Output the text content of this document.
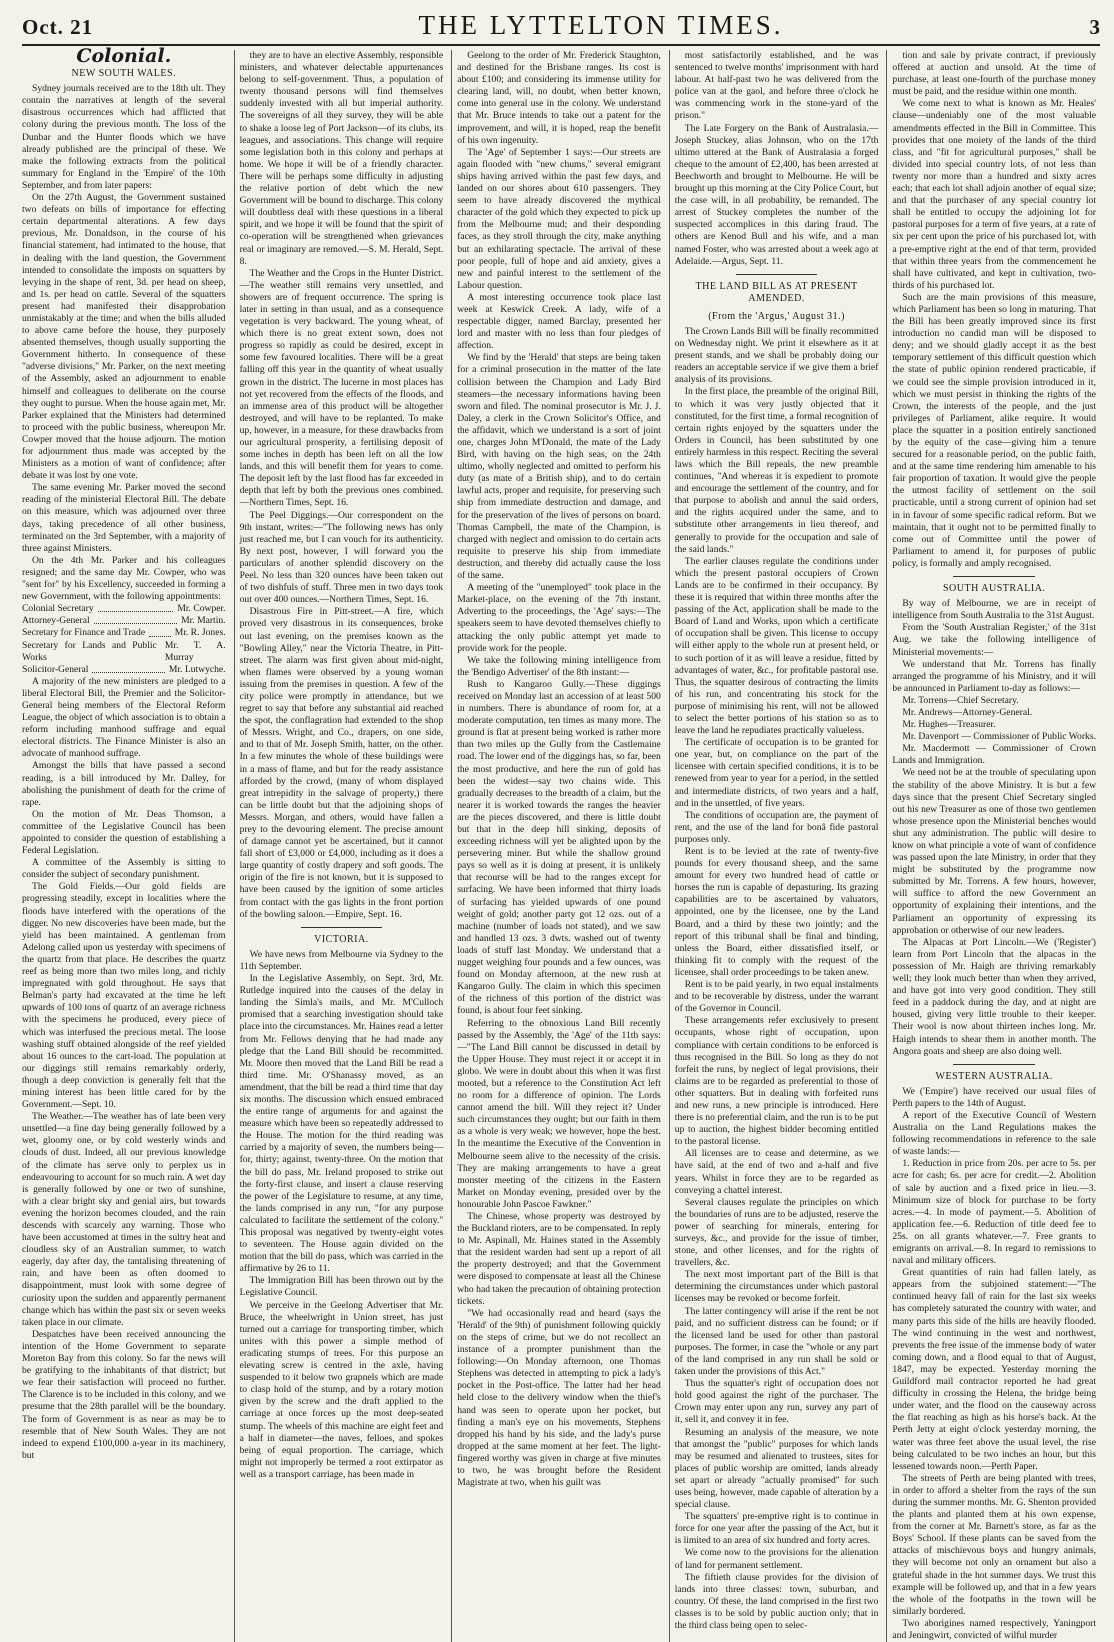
Oct. 21	THE LYTTELTON TIMES.	3
Colonial.
NEW SOUTH WALES.

Sydney journals received are to the 18th ult. They contain the narratives at length of the several disastrous occurrences which had afflicted that colony during the previous month. The loss of the Dunbar and the Hunter floods which we have already published are the principal of these. We make the following extracts from the political summary for England in the 'Empire' of the 10th September, and from later papers:

On the 27th August, the Government sustained two defeats on bills of importance for effecting certain departmental alterations. A few days previous, Mr. Donaldson, in the course of his financial statement, had intimated to the house, that in dealing with the land question, the Government intended to consolidate the imposts on squatters by levying in the shape of rent, 3d. per head on sheep, and 1s. per head on cattle. Several of the squatters present had manifested their disapprobation unmistakably at the time; and when the bills alluded to above came before the house, they purposely absented themselves, though usually supporting the Government hitherto. In consequence of these "adverse divisions," Mr. Parker, on the next meeting of the Assembly, asked an adjournment to enable himself and colleagues to deliberate on the course they ought to pursue. When the house again met, Mr. Parker explained that the Ministers had determined to proceed with the public business, whereupon Mr. Cowper moved that the house adjourn. The motion for adjournment thus made was accepted by the Ministers as a motion of want of confidence; after debate it was lost by one vote.

The same evening Mr. Parker moved the second reading of the ministerial Electoral Bill. The debate on this measure, which was adjourned over three days, taking precedence of all other business, terminated on the 3rd September, with a majority of three against Ministers.

On the 4th Mr. Parker and his colleagues resigned; and the same day Mr. Cowper, who was "sent for" by his Excellency, succeeded in forming a new Government, with the following appointments:

Colonial Secretary	Mr. Cowper.
Attorney-General	Mr. Martin.
Secretary for Finance and Trade	Mr. R. Jones.
Secretary for Lands and Public Works
Mr. T. A. Murray
Solicitor-General	Mr. Lutwyche.

A majority of the new ministers are pledged to a liberal Electoral Bill, the Premier and the Solicitor-General being members of the Electoral Reform League, the object of which association is to obtain a reform including manhood suffrage and equal electoral districts. The Finance Minister is also an advocate of manhood suffrage.

Amongst the bills that have passed a second reading, is a bill introduced by Mr. Dalley, for abolishing the punishment of death for the crime of rape.

On the motion of Mr. Deas Thomson, a committee of the Legislative Council has been appointed to consider the question of establishing a Federal Legislation.

A committee of the Assembly is sitting to consider the subject of secondary punishment.

The Gold Fields.—Our gold fields are progressing steadily, except in localities where the floods have interfered with the operations of the digger. No new discoveries have been made, but the yield has been maintained. A gentleman from Adelong called upon us yesterday with specimens of the quartz from that place. He describes the quartz reef as being more than two miles long, and richly impregnated with gold throughout. He says that Belman's party had excavated at the time he left upwards of 100 tons of quartz of an average richness with the specimens he produced, every piece of which was interfused the precious metal. The loose washing stuff obtained alongside of the reef yielded about 16 ounces to the cart-load. The population at our diggings still remains remarkably orderly, though a deep conviction is generally felt that the mining interest has been little cared for by the Government.—Sept. 10.

The Weather.—The weather has of late been very unsettled—a fine day being generally followed by a wet, gloomy one, or by cold westerly winds and clouds of dust. Indeed, all our previous knowledge of the climate has serve only to perplex us in endeavouring to account for so much rain. A wet day is generally followed by one or two of sunshine, with a clear bright sky and genial airs, but towards evening the horizon becomes clouded, and the rain descends with scarcely any warning. Those who have been accustomed at times in the sultry heat and cloudless sky of an Australian summer, to watch eagerly, day after day, the tantalising threatening of rain, and have been as often doomed to disappointment, must look with some degree of curiosity upon the sudden and apparently permanent change which has within the past six or seven weeks taken place in our climate.

Despatches have been received announcing the intention of the Home Government to separate Moreton Bay from this colony. So far the news will be gratifying to the inhabitants of that district; but we fear their satisfaction will proceed no further. The Clarence is to be included in this colony, and we presume that the 28th parallel will be the boundary. The form of Government is as near as may be to resemble that of New South Wales. They are not indeed to expend £100,000 a-year in its machinery, but

they are to have an elective Assembly, responsible ministers, and whatever delectable appurtenances belong to self-government. Thus, a population of twenty thousand persons will find themselves suddenly invested with all but imperial authority. The sovereigns of all they survey, they will be able to shake a loose leg of Port Jackson—of its clubs, its leagues, and associations. This change will require some legislation both in this colony and perhaps at home. We hope it will be of a friendly character. There will be perhaps some difficulty in adjusting the relative portion of debt which the new Government will be bound to discharge. This colony will doubtless deal with these questions in a liberal spirit, and we hope it will be found that the spirit of co-operation will be strengthened when grievances real or imaginary are removed.—S. M. Herald, Sept. 8.

The Weather and the Crops in the Hunter District.—The weather still remains very unsettled, and showers are of frequent occurrence. The spring is later in setting in than usual, and as a consequence vegetation is very backward. The young wheat, of which there is no great extent sown, does not progress so rapidly as could be desired, except in some few favoured localities. There will be a great falling off this year in the quantity of wheat usually grown in the district. The lucerne in most places has not yet recovered from the effects of the floods, and an immense area of this product will be altogether destroyed, and will have to be replanted. To make up, however, in a measure, for these drawbacks from our agricultural prosperity, a fertilising deposit of some inches in depth has been left on all the low lands, and this will benefit them for years to come. The deposit left by the last flood has far exceeded in depth that left by both the previous ones combined.—Northern Times, Sept. 16.

The Peel Diggings.—Our correspondent on the 9th instant, writes:—"The following news has only just reached me, but I can vouch for its authenticity. By next post, however, I will forward you the particulars of another splendid discovery on the Peel. No less than 320 ounces have been taken out of two dishfuls of stuff. Three men in two days took out over 400 ounces.—Northern Times, Sept. 16.

Disastrous Fire in Pitt-street.—A fire, which proved very disastrous in its consequences, broke out last evening, on the premises known as the "Bowling Alley," near the Victoria Theatre, in Pitt-street. The alarm was first given about mid-night, when flames were observed by a young woman issuing from the premises in question. A few of the city police were promptly in attendance, but we regret to say that before any substantial aid reached the spot, the conflagration had extended to the shop of Messrs. Wright, and Co., drapers, on one side, and to that of Mr. Joseph Smith, hatter, on the other. In a few minutes the whole of these buildings were in a mass of flame, and but for the ready assistance afforded by the crowd, (many of whom displayed great intrepidity in the salvage of property,) there can be little doubt but that the adjoining shops of Messrs. Morgan, and others, would have fallen a prey to the devouring element. The precise amount of damage cannot yet be ascertained, but it cannot fall short of £3,000 or £4,000, including as it does a large quantity of costly drapery and soft goods. The origin of the fire is not known, but it is supposed to have been caused by the ignition of some articles from contact with the gas lights in the front portion of the bowling saloon.—Empire, Sept. 16.

VICTORIA.

We have news from Melbourne via Sydney to the 11th September.

In the Legislative Assembly, on Sept. 3rd, Mr. Rutledge inquired into the causes of the delay in landing the Simla's mails, and Mr. M'Culloch promised that a searching investigation should take place into the circumstances. Mr. Haines read a letter from Mr. Fellows denying that he had made any pledge that the Land Bill should be recommitted. Mr. Moore then moved that the Land Bill be read a third time. Mr. O'Shanassy moved, as an amendment, that the bill be read a third time that day six months. The discussion which ensued embraced the entire range of arguments for and against the measure which have been so repeatedly addressed to the House. The motion for the third reading was carried by a majority of seven, the numbers being—for, thirty; against, twenty-three. On the motion that the bill do pass, Mr. Ireland proposed to strike out the forty-first clause, and insert a clause reserving the power of the Legislature to resume, at any time, the lands comprised in any run, "for any purpose calculated to facilitate the settlement of the colony." This proposal was negatived by twenty-eight votes to seventeen. The House again divided on the motion that the bill do pass, which was carried in the affirmative by 26 to 11.

The Immigration Bill has been thrown out by the Legislative Council.

We perceive in the Geelong Advertiser that Mr. Bruce, the wheelwright in Union street, has just turned out a carriage for transporting timber, which unites with this power a simple method of eradicating stumps of trees. For this purpose an elevating screw is centred in the axle, having suspended to it below two grapnels which are made to clasp hold of the stump, and by a rotary motion given by the screw and the draft applied to the carriage at once forces up the most deep-seated stump. The wheels of this machine are eight feet and a half in diameter—the naves, felloes, and spokes being of equal proportion. The carriage, which might not improperly be termed a root extirpator as well as a transport carriage, has been made in

Geelong to the order of Mr. Frederick Staughton, and destined for the Brisbane ranges. Its cost is about £100; and considering its immense utility for clearing land, will, no doubt, when better known, come into general use in the colony. We understand that Mr. Bruce intends to take out a patent for the improvement, and will, it is hoped, reap the benefit of his own ingenuity.

The 'Age' of September 1 says:—Our streets are again flooded with "new chums," several emigrant ships having arrived within the past few days, and landed on our shores about 610 passengers. They seem to have already discovered the mythical character of the gold which they expected to pick up from the Melbourne mud; and their desponding faces, as they stroll through the city, make anything but an exhilarating spectacle. The arrival of these poor people, full of hope and aid anxiety, gives a new and painful interest to the settlement of the Labour question.

A most interesting occurrence took place last week at Keswick Creek. A lady, wife of a respectable digger, named Barclay, presented her lord and master with no less than four pledges of affection.

We find by the 'Herald' that steps are being taken for a criminal prosecution in the matter of the late collision between the Champion and Lady Bird steamers—the necessary informations having been sworn and filed. The nominal prosecutor is Mr. J. J. Daley, a clerk in the Crown Solicitor's Office, and the affidavit, which we understand is a sort of joint one, charges John M'Donald, the mate of the Lady Bird, with having on the high seas, on the 24th ultimo, wholly neglected and omitted to perform his duty (as mate of a British ship), and to do certain lawful acts, proper and requisite, for preserving such ship from immediate destruction and damage, and for the preservation of the lives of persons on board. Thomas Campbell, the mate of the Champion, is charged with neglect and omission to do certain acts requisite to preserve his ship from immediate destruction, and thereby did actually cause the loss of the same.

A meeting of the "unemployed" took place in the Market-place, on the evening of the 7th instant. Adverting to the proceedings, the 'Age' says:—The speakers seem to have devoted themselves chiefly to attacking the only public attempt yet made to provide work for the people.

We take the following mining intelligence from the 'Bendigo Advertiser' of the 8th instant:—

Rush to Kangaroo Gully.—These diggings received on Monday last an accession of at least 500 in numbers. There is abundance of room for, at a moderate computation, ten times as many more. The ground is flat at present being worked is rather more than two miles up the Gully from the Castlemaine road. The lower end of the diggings has, so far, been the most productive, and here the run of gold has been the widest—say two chains wide. This gradually decreases to the breadth of a claim, but the nearer it is worked towards the ranges the heavier are the pieces discovered, and there is little doubt but that in the deep hill sinking, deposits of exceeding richness will yet be alighted upon by the persevering miner. But while the shallow ground pays so well as it is doing at present, it is unlikely that recourse will be had to the ranges except for surfacing. We have been informed that thirty loads of surfacing has yielded upwards of one pound weight of gold; another party got 12 ozs. out of a machine (number of loads not stated), and we saw and handled 13 ozs. 3 dwts. washed out of twenty loads of stuff last Monday. We understand that a nugget weighing four pounds and a few ounces, was found on Monday afternoon, at the new rush at Kangaroo Gully. The claim in which this specimen of the richness of this portion of the district was found, is about four feet sinking.

Referring to the obnoxious Land Bill recently passed by the Assembly, the 'Age' of the 11th says:—"The Land Bill cannot be discussed in detail by the Upper House. They must reject it or accept it in globo. We were in doubt about this when it was first mooted, but a reference to the Constitution Act left no room for a difference of opinion. The Lords cannot amend the bill. Will they reject it? Under such circumstances they ought; but our faith in them as a whole is very weak; we however, hope the best. In the meantime the Executive of the Convention in Melbourne seem alive to the necessity of the crisis. They are making arrangements to have a great monster meeting of the citizens in the Eastern Market on Monday evening, presided over by the honourable John Pascoe Fawkner."

The Chinese, whose property was destroyed by the Buckland rioters, are to be compensated. In reply to Mr. Aspinall, Mr. Haines stated in the Assembly that the resident warden had sent up a report of all the property destroyed; and that the Government were disposed to compensate at least all the Chinese who had taken the precaution of obtaining protection tickets.

"We had occasionally read and heard (says the 'Herald' of the 9th) of punishment following quickly on the steps of crime, but we do not recollect an instance of a prompter punishment than the following:—On Monday afternoon, one Thomas Stephens was detected in attempting to pick a lady's pocket in the Post-office. The latter had her head held close to the delivery window when the thief's hand was seen to operate upon her pocket, but finding a man's eye on his movements, Stephens dropped his hand by his side, and the lady's purse dropped at the same moment at her feet. The light-fingered worthy was given in charge at five minutes to two, he was brought before the Resident Magistrate at two, when his guilt was

most satisfactorily established, and he was sentenced to twelve months' imprisonment with hard labour. At half-past two he was delivered from the police van at the gaol, and before three o'clock he was commencing work in the stone-yard of the prison."

The Late Forgery on the Bank of Australasia.—Joseph Stuckey, alias Johnson, who on the 17th ultimo uttered at the Bank of Australasia a forged cheque to the amount of £2,400, has been arrested at Beechworth and brought to Melbourne. He will be brought up this morning at the City Police Court, but the case will, in all probability, be remanded. The arrest of Stuckey completes the number of the suspected accomplices in this daring fraud. The others are Kenod Bull and his wife, and a man named Foster, who was arrested about a week ago at Adelaide.—Argus, Sept. 11.

THE LAND BILL AS AT PRESENT AMENDED.
(From the 'Argus,' August 31.)

The Crown Lands Bill will be finally recommitted on Wednesday night. We print it elsewhere as it at present stands, and we shall be probably doing our readers an acceptable service if we give them a brief analysis of its provisions.

In the first place, the preamble of the original Bill, to which it was very justly objected that it constituted, for the first time, a formal recognition of certain rights enjoyed by the squatters under the Orders in Council, has been substituted by one entirely harmless in this respect. Reciting the several laws which the Bill repeals, the new preamble continues, "And whereas it is expedient to promote and encourage the settlement of the country, and for that purpose to abolish and annul the said orders, and the rights acquired under the same, and to substitute other arrangements in lieu thereof, and generally to provide for the occupation and sale of the said lands."

The earlier clauses regulate the conditions under which the present pastoral occupiers of Crown Lands are to be confirmed in their occupancy. By these it is required that within three months after the passing of the Act, application shall be made to the Board of Land and Works, upon which a certificate of occupation shall be given. This license to occupy will either apply to the whole run at present held, or to such portion of it as will leave a residue, fitted by advantages of water, &c., for profitable pastoral use. Thus, the squatter desirous of contracting the limits of his run, and concentrating his stock for the purpose of minimising his rent, will not be allowed to select the better portions of his station so as to leave the land he repudiates practically valueless.

The certificate of occupation is to be granted for one year, but, on compliance on the part of the licensee with certain specified conditions, it is to be renewed from year to year for a period, in the settled and intermediate districts, of two years and a half, and in the unsettled, of five years.

The conditions of occupation are, the payment of rent, and the use of the land for bonâ fide pastoral purposes only.

Rent is to be levied at the rate of twenty-five pounds for every thousand sheep, and the same amount for every two hundred head of cattle or horses the run is capable of depasturing. Its grazing capabilities are to be ascertained by valuators, appointed, one by the licensee, one by the Land Board, and a third by these two jointly; and the report of this tribunal shall be final and binding, unless the Board, either dissatisfied itself, or thinking fit to comply with the request of the licensee, shall order proceedings to be taken anew.

Rent is to be paid yearly, in two equal instalments and to be recoverable by distress, under the warrant of the Governor in Council.

These arrangements refer exclusively to present occupants, whose right of occupation, upon compliance with certain conditions to be enforced is thus recognised in the Bill. So long as they do not forfeit the runs, by neglect of legal provisions, their claims are to be regarded as preferential to those of other squatters. But in dealing with forfeited runs and new runs, a new principle is introduced. Here there is no preferential claim, and the run is to be put up to auction, the highest bidder becoming entitled to the pastoral license.

All licenses are to cease and determine, as we have said, at the end of two and a-half and five years. Whilst in force they are to be regarded as conveying a chattel interest.

Several clauses regulate the principles on which the boundaries of runs are to be adjusted, reserve the power of searching for minerals, entering for surveys, &c., and provide for the issue of timber, stone, and other licenses, and for the rights of travellers, &c.

The next most important part of the Bill is that determining the circumstances under which pastoral licenses may be revoked or become forfeit.

The latter contingency will arise if the rent be not paid, and no sufficient distress can be found; or if the licensed land be used for other than pastoral purposes. The former, in case the "whole or any part of the land comprised in any run shall be sold or taken under the provisions of this Act."

Thus the squatter's right of occupation does not hold good against the right of the purchaser. The Crown may enter upon any run, survey any part of it, sell it, and convey it in fee.

Resuming an analysis of the measure, we note that amongst the "public" purposes for which lands may be resumed and alienated to trustees, sites for places of public worship are omitted, lands already set apart or already "actually promised" for such uses being, however, made capable of alteration by a special clause.

The squatters' pre-emptive right is to continue in force for one year after the passing of the Act, but it is limited to an area of six hundred and forty acres.

We come now to the provisions for the alienation of land for permanent settlement.

The fiftieth clause provides for the division of lands into three classes: town, suburban, and country. Of these, the land comprised in the first two classes is to be sold by public auction only; that in the third class being open to selec-

tion and sale by private contract, if previously offered at auction and unsold. At the time of purchase, at least one-fourth of the purchase money must be paid, and the residue within one month.

We come next to what is known as Mr. Heales' clause—undeniably one of the most valuable amendments effected in the Bill in Committee. This provides that one moiety of the lands of the third class, and "fit for agricultural purposes," shall be divided into special country lots, of not less than twenty nor more than a hundred and sixty acres each; that each lot shall adjoin another of equal size; and that the purchaser of any special country lot shall be entitled to occupy the adjoining lot for pastoral purposes for a term of five years, at a rate of six per cent upon the price of his purchased lot, with a pre-emptive right at the end of that term, provided that within three years from the commencement he shall have cultivated, and kept in cultivation, two-thirds of his purchased lot.

Such are the main provisions of this measure, which Parliament has been so long in maturing. That the Bill has been greatly improved since its first introduction no candid man will be disposed to deny; and we should gladly accept it as the best temporary settlement of this difficult question which the state of public opinion rendered practicable, if we could see the simple provision introduced in it, which we must persist in thinking the rights of the Crown, the interests of the people, and the just privileges of Parliament, alike require. It would place the squatter in a position entirely sanctioned by the equity of the case—giving him a tenure secured for a reasonable period, on the public faith, and at the same time rendering him amenable to his fair proportion of taxation. It would give the people the utmost facility of settlement on the soil practicable, until a strong current of opinion had set in in favour of some specific radical reform. But we maintain, that it ought not to be permitted finally to come out of Committee until the power of Parliament to amend it, for purposes of public policy, is formally and amply recognised.

SOUTH AUSTRALIA.

By way of Melbourne, we are in receipt of intelligence from South Australia to the 31st August.

From the 'South Australian Register,' of the 31st Aug. we take the following intelligence of Ministerial movements:—

We understand that Mr. Torrens has finally arranged the programme of his Ministry, and it will be announced in Parliament to-day as follows:—

Mr. Torrens—Chief Secretary.

Mr. Andrews—Attorney-General.

Mr. Hughes—Treasurer.

Mr. Davenport — Commissioner of Public Works.

Mr. Macdermott — Commissioner of Crown Lands and Immigration.

We need not be at the trouble of speculating upon the stability of the above Ministry. It is but a few days since that the present Chief Secretary singled out his new Treasurer as one of those two gentlemen whose presence upon the Ministerial benches would shut any administration. The public will desire to know on what principle a vote of want of confidence was passed upon the late Ministry, in order that they might be substituted by the programme now submitted by Mr. Torrens. A few hours, however, will suffice to afford the new Government an opportunity of explaining their intentions, and the Parliament an opportunity of expressing its approbation or otherwise of our new leaders.

The Alpacas at Port Lincoln.—We ('Register') learn from Port Lincoln that the alpacas in the possession of Mr. Haigh are thriving remarkably well; they look much better than when they arrived, and have got into very good condition. They still feed in a paddock during the day, and at night are housed, giving very little trouble to their keeper. Their wool is now about thirteen inches long. Mr. Haigh intends to shear them in another month. The Angora goats and sheep are also doing well.

WESTERN AUSTRALIA.

We ('Empire') have received our usual files of Perth papers to the 14th of August.

A report of the Executive Council of Western Australia on the Land Regulations makes the following recommendations in reference to the sale of waste lands:—

1. Reduction in price from 20s. per acre to 5s. per acre for cash; 6s. per acre for credit.—2. Abolition of sale by auction and a fixed price in lieu.—3. Minimum size of block for purchase to be forty acres.—4. In mode of payment.—5. Abolition of application fee.—6. Reduction of title deed fee to 25s. on all grants whatever.—7. Free grants to emigrants on arrival.—8. In regard to remissions to naval and military officers.

Great quantities of rain had fallen lately, as appears from the subjoined statement:—"The continued heavy fall of rain for the last six weeks has completely saturated the country with water, and many parts this side of the hills are heavily flooded. The wind continuing in the west and northwest, prevents the free issue of the immense body of water coming down, and a flood equal to that of August, 1847, may be expected. Yesterday morning the Guildford mail contractor reported he had great difficulty in crossing the Helena, the bridge being under water, and the flood on the causeway across the flat reaching as high as his horse's back. At the Perth Jetty at eight o'clock yesterday morning, the water was three feet above the usual level, the rise being calculated to be two inches an hour, but this lessened towards noon.—Perth Paper.

The streets of Perth are being planted with trees, in order to afford a shelter from the rays of the sun during the summer months. Mr. G. Shenton provided the plants and planted them at his own expense, from the corner at Mr. Barnett's store, as far as the Boys' School. If these plants can be saved from the attacks of mischievous boys and hungry animals, they will become not only an ornament but also a grateful shade in the hot summer days. We trust this example will be followed up, and that in a few years the whole of the footpaths in the town will be similarly bordered.

Two aborigines named respectively, Yaningport and Jeningwirt, convicted of wilful murder
